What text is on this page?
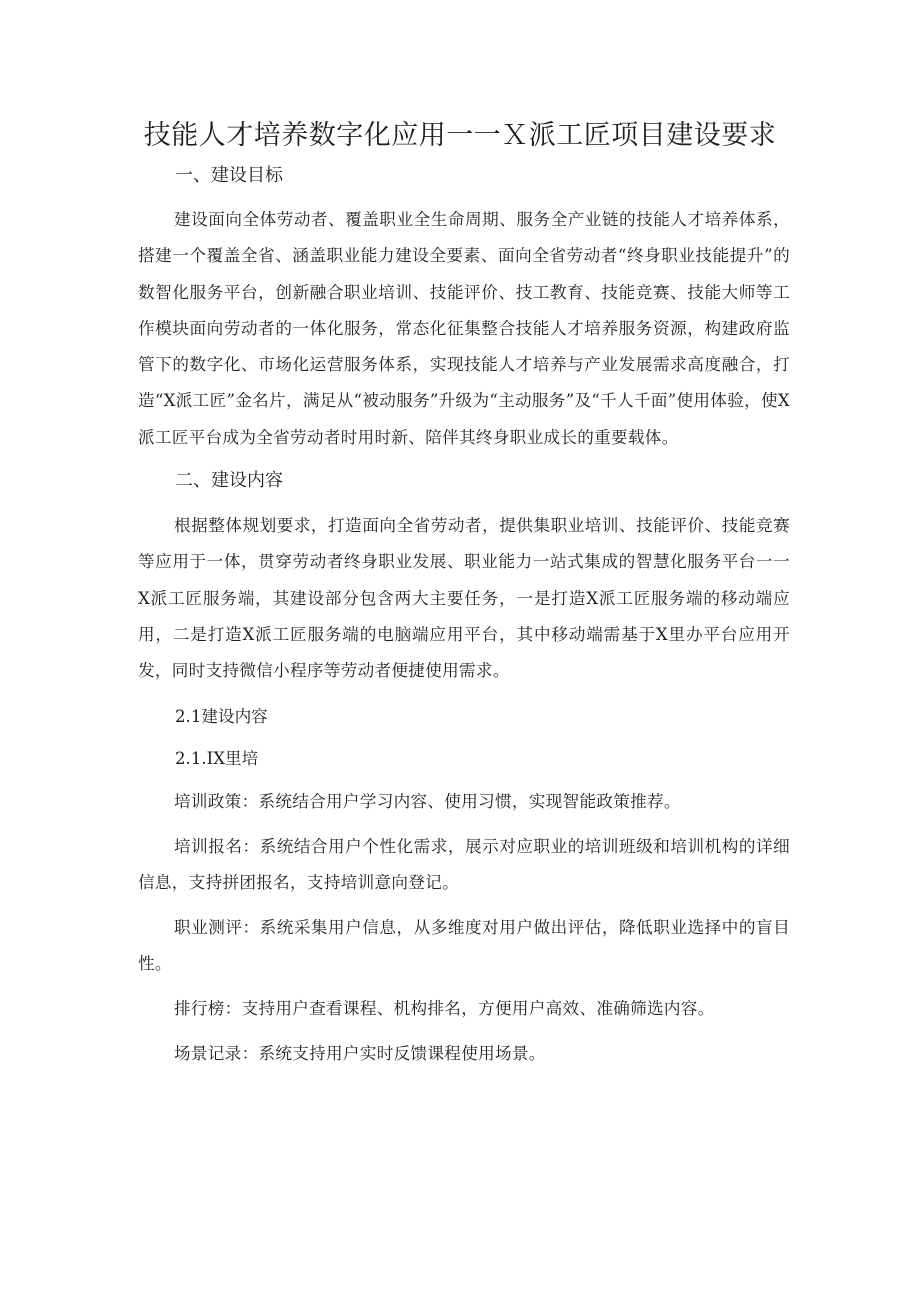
技能人才培养数字化应用一一Ｘ派工匠项目建设要求
一、建设目标

建设面向全体劳动者、覆盖职业全生命周期、服务全产业链的技能人才培养体系，搭建一个覆盖全省、涵盖职业能力建设全要素、面向全省劳动者“终身职业技能提升”的数智化服务平台，创新融合职业培训、技能评价、技工教育、技能竞赛、技能大师等工作模块面向劳动者的一体化服务，常态化征集整合技能人才培养服务资源，构建政府监管下的数字化、市场化运营服务体系，实现技能人才培养与产业发展需求高度融合，打造“X派工匠”金名片，满足从“被动服务”升级为“主动服务”及“千人千面”使用体验，使X派工匠平台成为全省劳动者时用时新、陪伴其终身职业成长的重要载体。

二、建设内容

根据整体规划要求，打造面向全省劳动者，提供集职业培训、技能评价、技能竞赛等应用于一体，贯穿劳动者终身职业发展、职业能力一站式集成的智慧化服务平台一一X派工匠服务端，其建设部分包含两大主要任务，一是打造X派工匠服务端的移动端应用，二是打造X派工匠服务端的电脑端应用平台，其中移动端需基于X里办平台应用开发，同时支持微信小程序等劳动者便捷使用需求。

2.1建设内容
2.1.IX里培

培训政策：系统结合用户学习内容、使用习惯，实现智能政策推荐。

培训报名：系统结合用户个性化需求，展示对应职业的培训班级和培训机构的详细信息，支持拼团报名，支持培训意向登记。

职业测评：系统采集用户信息，从多维度对用户做出评估，降低职业选择中的盲目性。

排行榜：支持用户查看课程、机构排名，方便用户高效、准确筛选内容。

场景记录：系统支持用户实时反馈课程使用场景。
